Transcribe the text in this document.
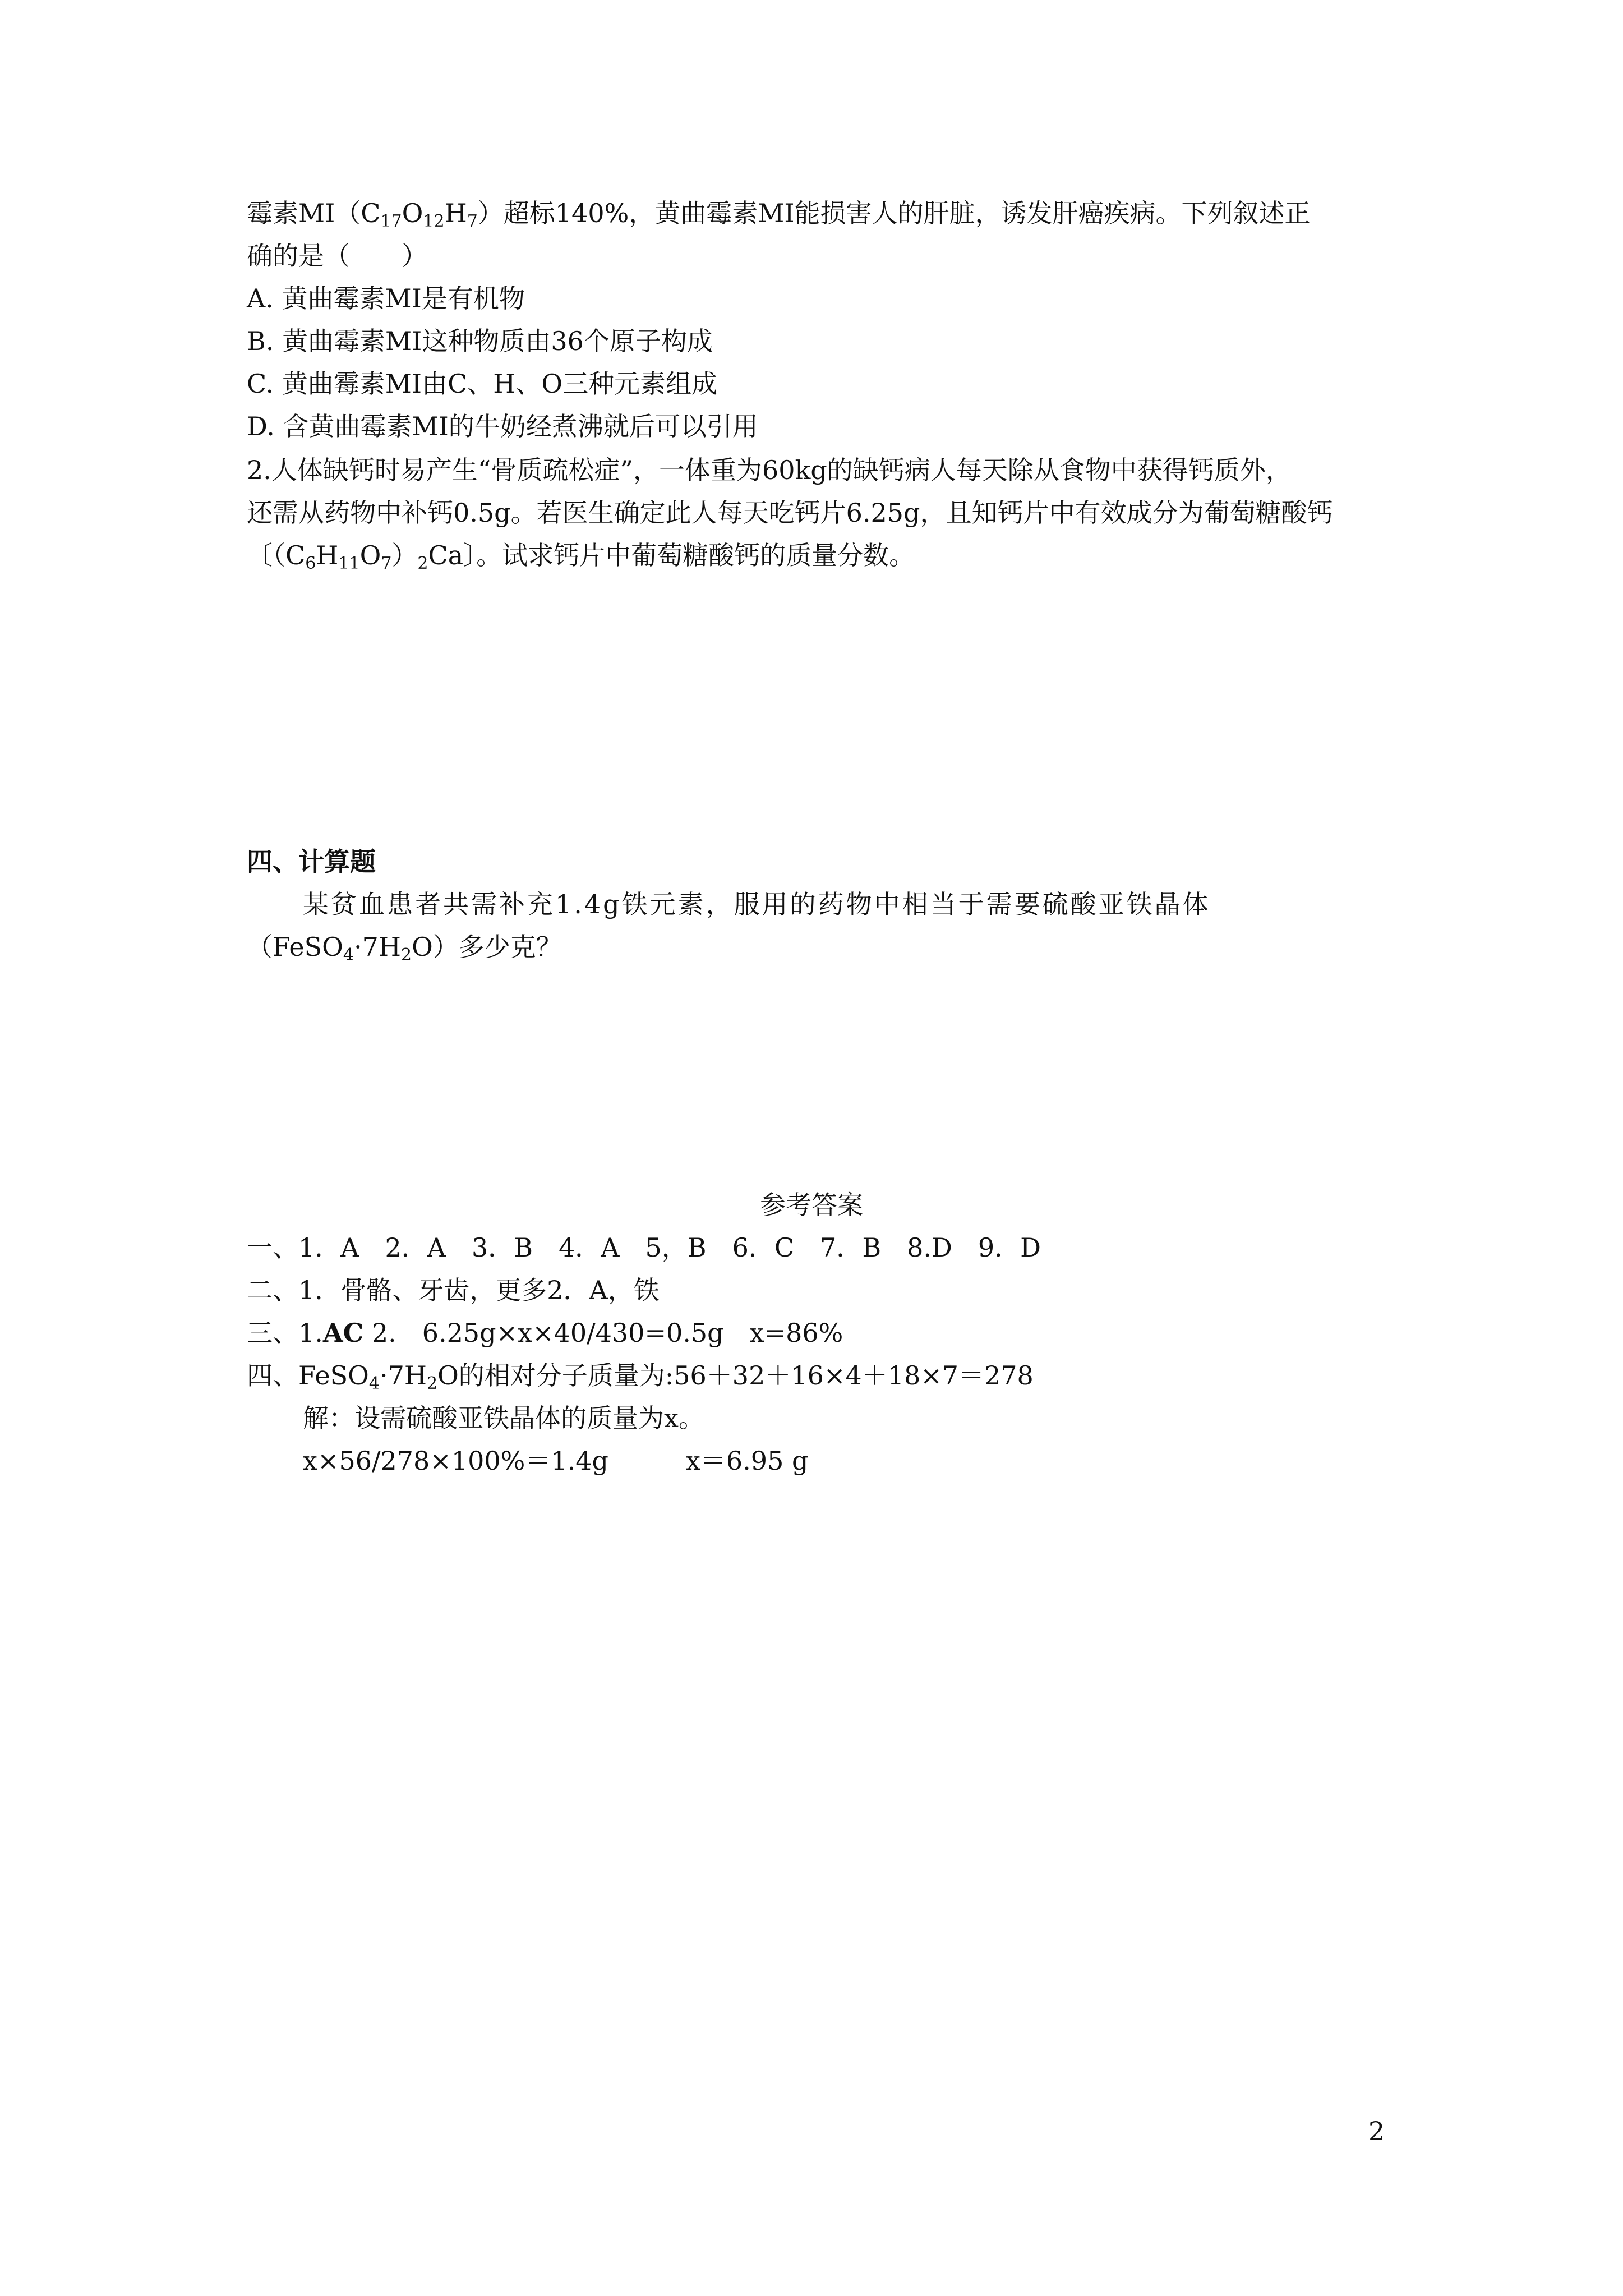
霉素$MI(C_{17}O_{12}H_7)$超标140%，黄曲霉素MI能损害人的肝脏，诱发肝癌疾病。下列叙述正
确的是（　　）
A. 黄曲霉素MI是有机物
B. 黄曲霉素MI这种物质由36个原子构成
C. 黄曲霉素MI由C、H、O三种元素组成
D. 含黄曲霉素MI的牛奶经煮沸就后可以引用
2.人体缺钙时易产生“骨质疏松症”，一体重为60kg的缺钙病人每天除从食物中获得钙质外，
还需从药物中补钙0.5g。若医生确定此人每天吃钙片6.25g，且知钙片中有效成分为葡萄糖酸钙
〔$(C_6H_{11}O_7)_2Ca$〕。试求钙片中葡萄糖酸钙的质量分数。
四、计算题
某贫血患者共需补充1.4g铁元素，服用的药物中相当于需要硫酸亚铁晶体
$(FeSO_4\cdot 7H_2O)$多少克？
参考答案
一、1．A　2．A　3．B　4．A　5，B　6．C　7．B　8.D　9．D
二、1．骨骼、牙齿，更多2．A，铁
三、1.AC 2.　6.25g×x×40/430=0.5g　x=86%
四、$FeSO_4\cdot 7H_2O$的相对分子质量为:56＋32＋16×4＋18×7＝278
解：设需硫酸亚铁晶体的质量为x。
x×56/278×100%＝1.4g　　　x＝6.95 g
2
